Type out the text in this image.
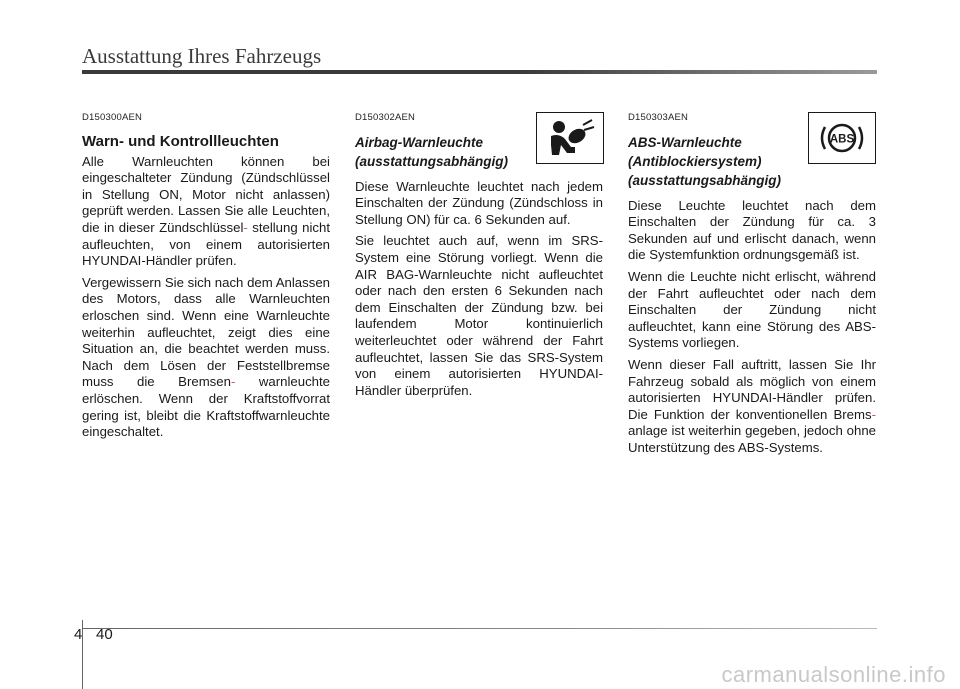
Ausstattung Ihres Fahrzeugs
D150300AEN
Warn- und Kontrollleuchten

Alle Warnleuchten können bei eingeschalteter Zündung (Zündschlüssel in Stellung ON, Motor nicht anlassen) geprüft werden. Lassen Sie alle Leuchten, die in dieser Zündschlüssel- stellung nicht aufleuchten, von einem autorisierten HYUNDAI-Händler prüfen.

Vergewissern Sie sich nach dem Anlassen des Motors, dass alle Warnleuchten erloschen sind. Wenn eine Warnleuchte weiterhin aufleuchtet, zeigt dies eine Situation an, die beachtet werden muss. Nach dem Lösen der Feststellbremse muss die Bremsen- warnleuchte erlöschen. Wenn der Kraftstoffvorrat gering ist, bleibt die Kraftstoffwarnleuchte eingeschaltet.

D150302AEN
Airbag-Warnleuchte
(ausstattungsabhängig)

Diese Warnleuchte leuchtet nach jedem Einschalten der Zündung (Zündschloss in Stellung ON) für ca. 6 Sekunden auf.

Sie leuchtet auch auf, wenn im SRS-System eine Störung vorliegt. Wenn die AIR BAG-Warnleuchte nicht aufleuchtet oder nach den ersten 6 Sekunden nach dem Einschalten der Zündung bzw. bei laufendem Motor kontinuierlich weiterleuchtet oder während der Fahrt aufleuchtet, lassen Sie das SRS-System von einem autorisierten HYUNDAI-Händler überprüfen.

D150303AEN
ABS-Warnleuchte
(Antiblockiersystem)
(ausstattungsabhängig)

Diese Leuchte leuchtet nach dem Einschalten der Zündung für ca. 3 Sekunden auf und erlischt danach, wenn die Systemfunktion ordnungsgemäß ist.

Wenn die Leuchte nicht erlischt, während der Fahrt aufleuchtet oder nach dem Einschalten der Zündung nicht aufleuchtet, kann eine Störung des ABS-Systems vorliegen.

Wenn dieser Fall auftritt, lassen Sie Ihr Fahrzeug sobald als möglich von einem autorisierten HYUNDAI-Händler prüfen. Die Funktion der konventionellen Brems- anlage ist weiterhin gegeben, jedoch ohne Unterstützung des ABS-Systems.

ABS
4 40
carmanualsonline.info
